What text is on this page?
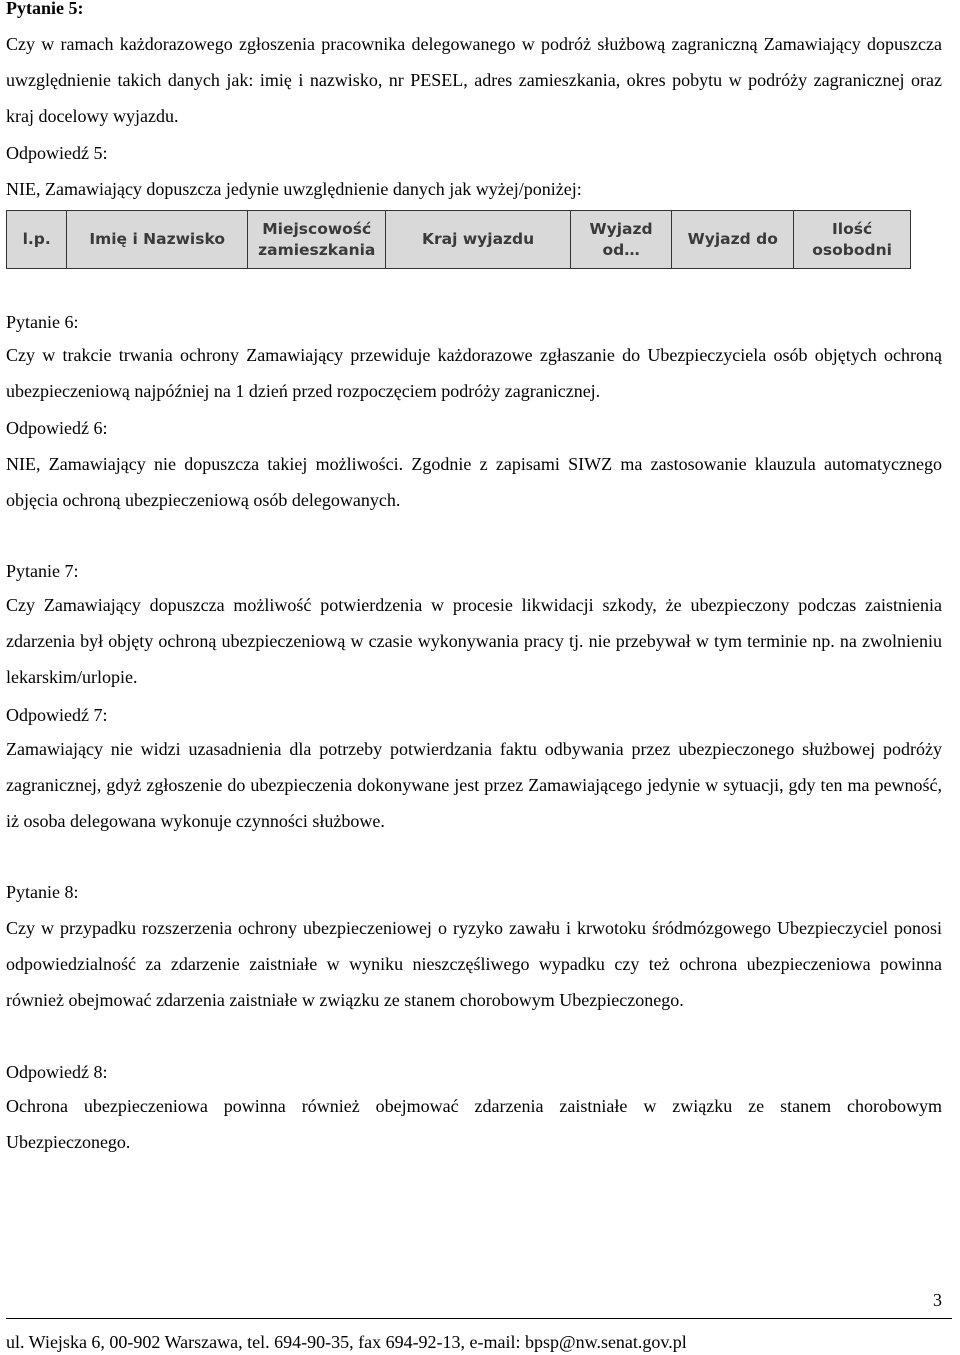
Pytanie 5:
Czy w ramach każdorazowego zgłoszenia pracownika delegowanego w podróż służbową zagraniczną Zamawiający dopuszcza uwzględnienie takich danych jak: imię i nazwisko, nr PESEL, adres zamieszkania, okres pobytu w podróży zagranicznej oraz kraj docelowy wyjazdu.
Odpowiedź 5:
NIE, Zamawiający dopuszcza jedynie uwzględnienie danych jak wyżej/poniżej:
l.p.	Imię i Nazwisko	Miejscowość zamieszkania	Kraj wyjazdu	Wyjazd od…	Wyjazd do	Ilość osobodni
Pytanie 6:
Czy w trakcie trwania ochrony Zamawiający przewiduje każdorazowe zgłaszanie do Ubezpieczyciela osób objętych ochroną ubezpieczeniową najpóźniej na 1 dzień przed rozpoczęciem podróży zagranicznej.
Odpowiedź 6:
NIE, Zamawiający nie dopuszcza takiej możliwości. Zgodnie z zapisami SIWZ ma zastosowanie klauzula automatycznego objęcia ochroną ubezpieczeniową osób delegowanych.
Pytanie 7:
Czy Zamawiający dopuszcza możliwość potwierdzenia w procesie likwidacji szkody, że ubezpieczony podczas zaistnienia zdarzenia był objęty ochroną ubezpieczeniową w czasie wykonywania pracy tj. nie przebywał w tym terminie np. na zwolnieniu lekarskim/urlopie.
Odpowiedź 7:
Zamawiający nie widzi uzasadnienia dla potrzeby potwierdzania faktu odbywania przez ubezpieczonego służbowej podróży zagranicznej, gdyż zgłoszenie do ubezpieczenia dokonywane jest przez Zamawiającego jedynie w sytuacji, gdy ten ma pewność, iż osoba delegowana wykonuje czynności służbowe.
Pytanie 8:
Czy w przypadku rozszerzenia ochrony ubezpieczeniowej o ryzyko zawału i krwotoku śródmózgowego Ubezpieczyciel ponosi odpowiedzialność za zdarzenie zaistniałe w wyniku nieszczęśliwego wypadku czy też ochrona ubezpieczeniowa powinna również obejmować zdarzenia zaistniałe w związku ze stanem chorobowym Ubezpieczonego.
Odpowiedź 8:
Ochrona ubezpieczeniowa powinna również obejmować zdarzenia zaistniałe w związku ze stanem chorobowym Ubezpieczonego.
3
ul. Wiejska 6, 00-902 Warszawa, tel. 694-90-35, fax 694-92-13, e-mail: bpsp@nw.senat.gov.pl
